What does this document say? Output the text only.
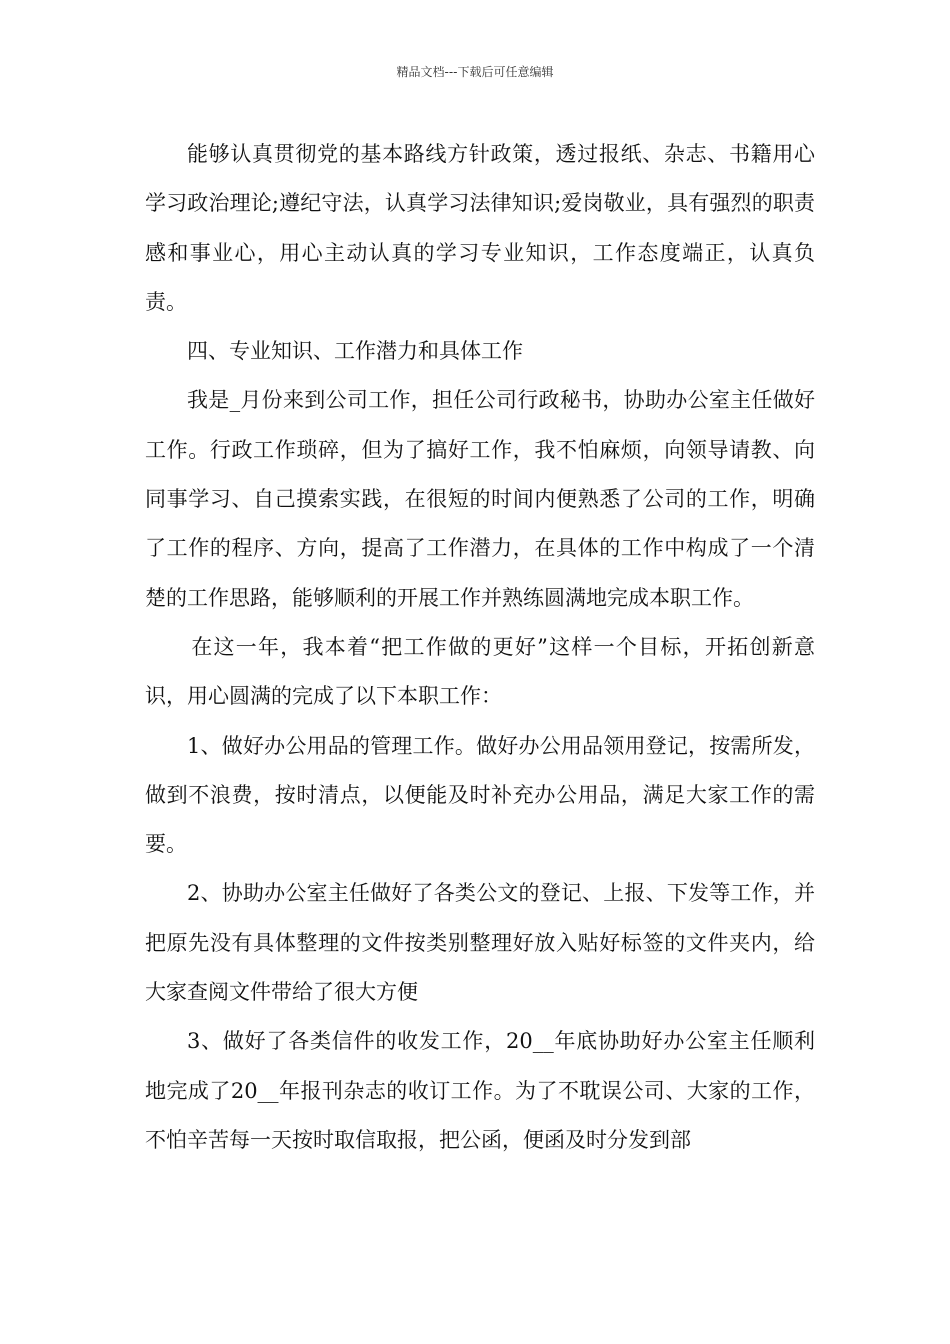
精品文档---下载后可任意编辑

能够认真贯彻党的基本路线方针政策，透过报纸、杂志、书籍用心学习政治理论;遵纪守法，认真学习法律知识;爱岗敬业，具有强烈的职责感和事业心，用心主动认真的学习专业知识，工作态度端正，认真负责。

四、专业知识、工作潜力和具体工作

我是_月份来到公司工作，担任公司行政秘书，协助办公室主任做好工作。行政工作琐碎，但为了搞好工作，我不怕麻烦，向领导请教、向同事学习、自己摸索实践，在很短的时间内便熟悉了公司的工作，明确了工作的程序、方向，提高了工作潜力，在具体的工作中构成了一个清楚的工作思路，能够顺利的开展工作并熟练圆满地完成本职工作。

在这一年，我本着“把工作做的更好”这样一个目标，开拓创新意识，用心圆满的完成了以下本职工作：

1、做好办公用品的管理工作。做好办公用品领用登记，按需所发，做到不浪费，按时清点，以便能及时补充办公用品，满足大家工作的需要。

2、协助办公室主任做好了各类公文的登记、上报、下发等工作，并把原先没有具体整理的文件按类别整理好放入贴好标签的文件夹内，给大家查阅文件带给了很大方便

3、做好了各类信件的收发工作，20__年底协助好办公室主任顺利地完成了20__年报刊杂志的收订工作。为了不耽误公司、大家的工作，不怕辛苦每一天按时取信取报，把公函，便函及时分发到部
